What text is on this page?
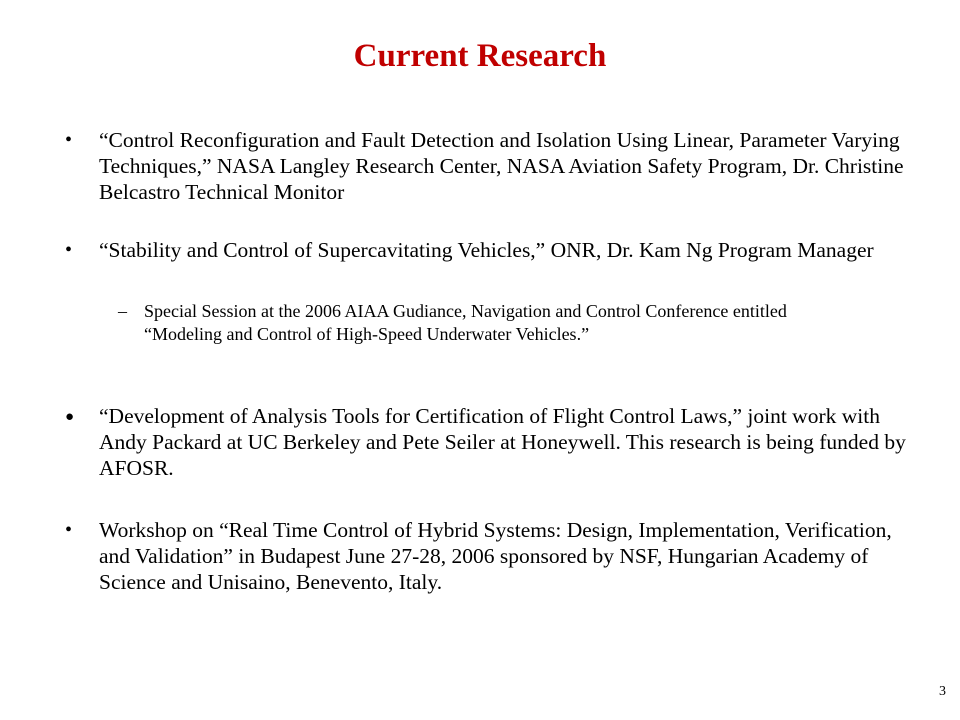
Current Research
•	“Control Reconfiguration and Fault Detection and Isolation Using Linear, Parameter Varying Techniques,” NASA Langley Research Center, NASA Aviation Safety Program, Dr. Christine Belcastro Technical Monitor
•	“Stability and Control of Supercavitating Vehicles,” ONR, Dr. Kam Ng Program Manager
– Special Session at the 2006 AIAA Gudiance, Navigation and Control Conference entitled “Modeling and Control of High-Speed Underwater Vehicles.”
●	“Development of Analysis Tools for Certification of Flight Control Laws,” joint work with Andy Packard at UC Berkeley and Pete Seiler at Honeywell. This research is being funded by AFOSR.
•	Workshop on “Real Time Control of Hybrid Systems: Design, Implementation, Verification, and Validation” in Budapest June 27-28, 2006 sponsored by NSF, Hungarian Academy of Science and Unisaino, Benevento, Italy.
3
